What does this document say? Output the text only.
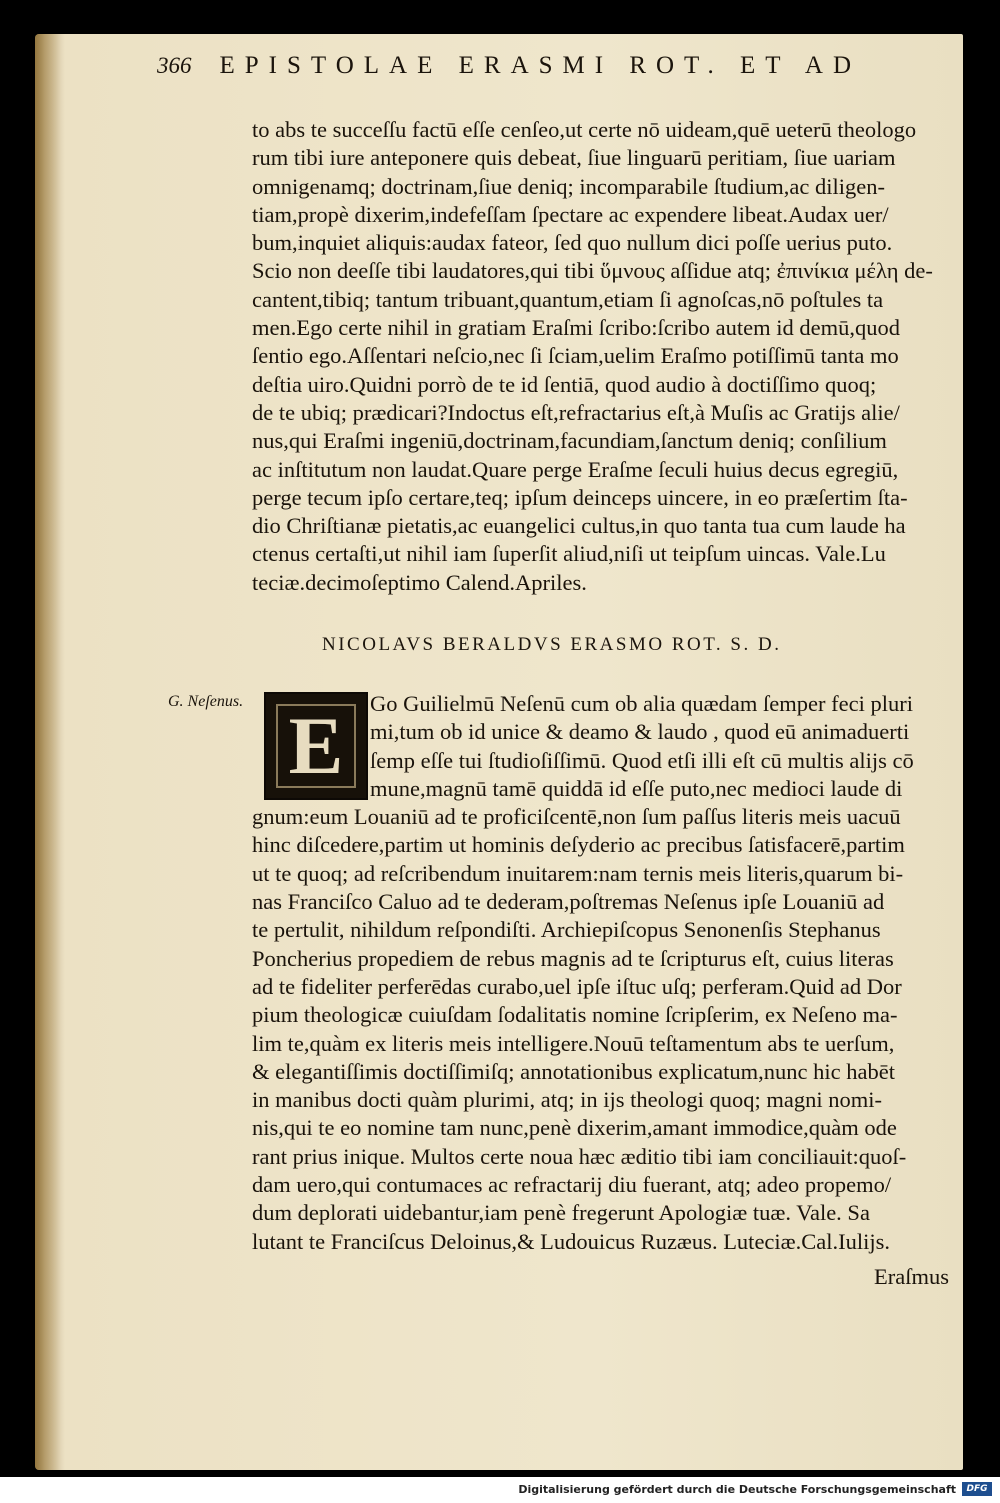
366 EPISTOLAE ERASMI ROT. ET AD
to abs te succeſſu factū eſſe cenſeo,ut certe nō uideam,quē ueterū theologo
rum tibi iure anteponere quis debeat, ſiue linguarū peritiam, ſiue uariam
omnigenamq; doctrinam,ſiue deniq; incomparabile ſtudium,ac diligen-
tiam,propè dixerim,indefeſſam ſpectare ac expendere libeat.Audax uer/
bum,inquiet aliquis:audax fateor, ſed quo nullum dici poſſe uerius puto.
Scio non deeſſe tibi laudatores,qui tibi ὕμνους aſſidue atq; ἐπινίκια μέλη de-
cantent,tibiq; tantum tribuant,quantum,etiam ſi agnoſcas,nō poſtules ta
men.Ego certe nihil in gratiam Eraſmi ſcribo:ſcribo autem id demū,quod
ſentio ego.Aſſentari neſcio,nec ſi ſciam,uelim Eraſmo potiſſimū tanta mo
deſtia uiro.Quidni porrò de te id ſentiā, quod audio à doctiſſimo quoq;
de te ubiq; prædicari?Indoctus eſt,refractarius eſt,à Muſis ac Gratijs alie/
nus,qui Eraſmi ingeniū,doctrinam,facundiam,ſanctum deniq; conſilium
ac inſtitutum non laudat.Quare perge Eraſme ſeculi huius decus egregiū,
perge tecum ipſo certare,teq; ipſum deinceps uincere, in eo præſertim ſta-
dio Chriſtianæ pietatis,ac euangelici cultus,in quo tanta tua cum laude ha
ctenus certaſti,ut nihil iam ſuperſit aliud,niſi ut teipſum uincas. Vale.Lu
teciæ.decimoſeptimo Calend.Apriles.
NICOLAVS BERALDVS ERASMO ROT. S. D.
G. Neſenus. E	Go Guilielmū Neſenū cum ob alia quædam ſemper feci pluri
mi,tum ob id unice & deamo & laudo , quod eū animaduerti
ſemp eſſe tui ſtudioſiſſimū. Quod etſi illi eſt cū multis alijs cō
mune,magnū tamē quiddā id eſſe puto,nec medioci laude di
gnum:eum Louaniū ad te proficiſcentē,non ſum paſſus literis meis uacuū
hinc diſcedere,partim ut hominis deſyderio ac precibus ſatisfacerē,partim
ut te quoq; ad reſcribendum inuitarem:nam ternis meis literis,quarum bi-
nas Franciſco Caluo ad te dederam,poſtremas Neſenus ipſe Louaniū ad
te pertulit, nihildum reſpondiſti. Archiepiſcopus Senonenſis Stephanus
Poncherius propediem de rebus magnis ad te ſcripturus eſt, cuius literas
ad te fideliter perferēdas curabo,uel ipſe iſtuc uſq; perferam.Quid ad Dor
pium theologicæ cuiuſdam ſodalitatis nomine ſcripſerim, ex Neſeno ma-
lim te,quàm ex literis meis intelligere.Nouū teſtamentum abs te uerſum,
& elegantiſſimis doctiſſimiſq; annotationibus explicatum,nunc hic habēt
in manibus docti quàm plurimi, atq; in ijs theologi quoq; magni nomi-
nis,qui te eo nomine tam nunc,penè dixerim,amant immodice,quàm ode
rant prius inique. Multos certe noua hæc æditio tibi iam conciliauit:quoſ-
dam uero,qui contumaces ac refractarij diu fuerant, atq; adeo propemo/
dum deplorati uidebantur,iam penè fregerunt Apologiæ tuæ. Vale. Sa
lutant te Franciſcus Deloinus,& Ludouicus Ruzæus. Luteciæ.Cal.Iulijs.
Eraſmus
Digitalisierung gefördert durch die Deutsche Forschungsgemeinschaft	DFG
